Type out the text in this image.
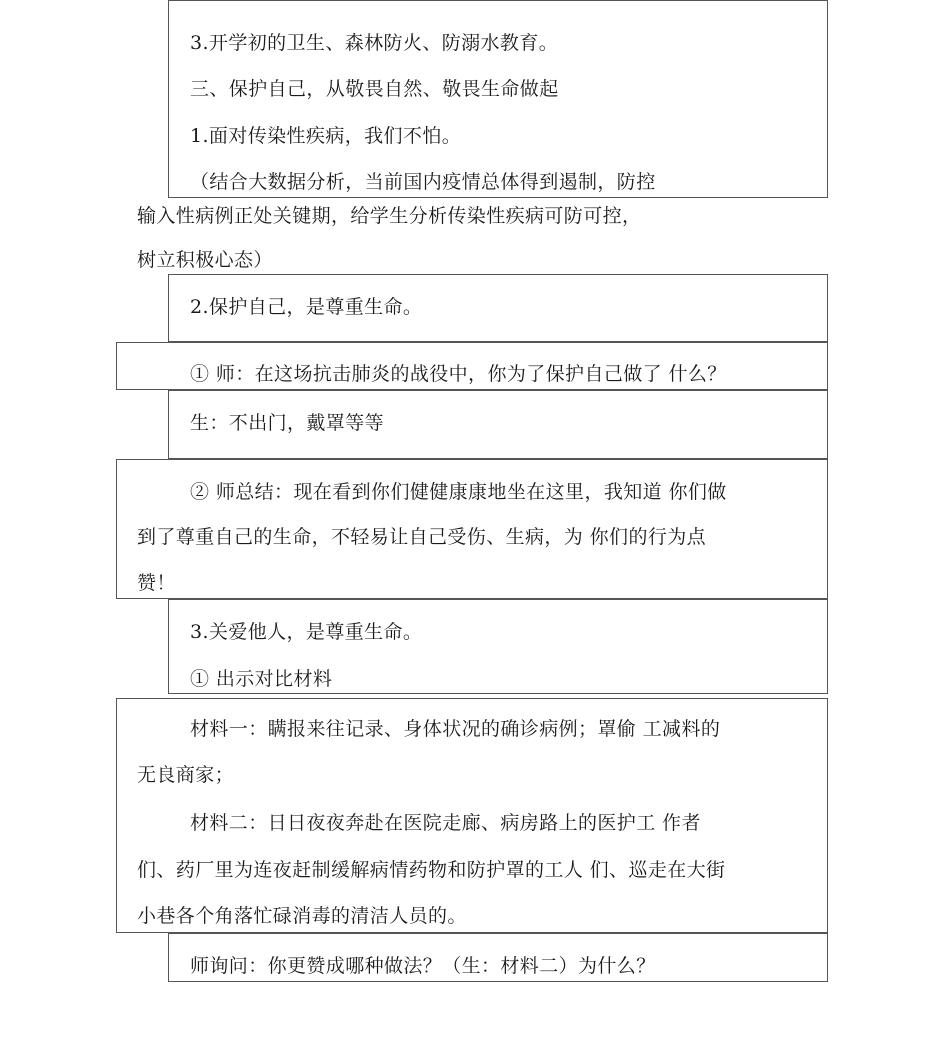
3.开学初的卫生、森林防火、防溺水教育。
三、保护自己，从敬畏自然、敬畏生命做起
1.面对传染性疾病，我们不怕。
（结合大数据分析，当前国内疫情总体得到遏制，防控
输入性病例正处关键期，给学生分析传染性疾病可防可控，
树立积极心态）
2.保护自己，是尊重生命。
① 师：在这场抗击肺炎的战役中，你为了保护自己做了 什么？
生：不出门，戴罩等等
② 师总结：现在看到你们健健康康地坐在这里，我知道 你们做
到了尊重自己的生命，不轻易让自己受伤、生病，为 你们的行为点
赞！
3.关爱他人，是尊重生命。
① 出示对比材料
材料一：瞒报来往记录、身体状况的确诊病例；罩偷 工减料的
无良商家；
材料二：日日夜夜奔赴在医院走廊、病房路上的医护工 作者
们、药厂里为连夜赶制缓解病情药物和防护罩的工人 们、巡走在大街
小巷各个角落忙碌消毒的清洁人员的。
师询问：你更赞成哪种做法？（生：材料二）为什么？
